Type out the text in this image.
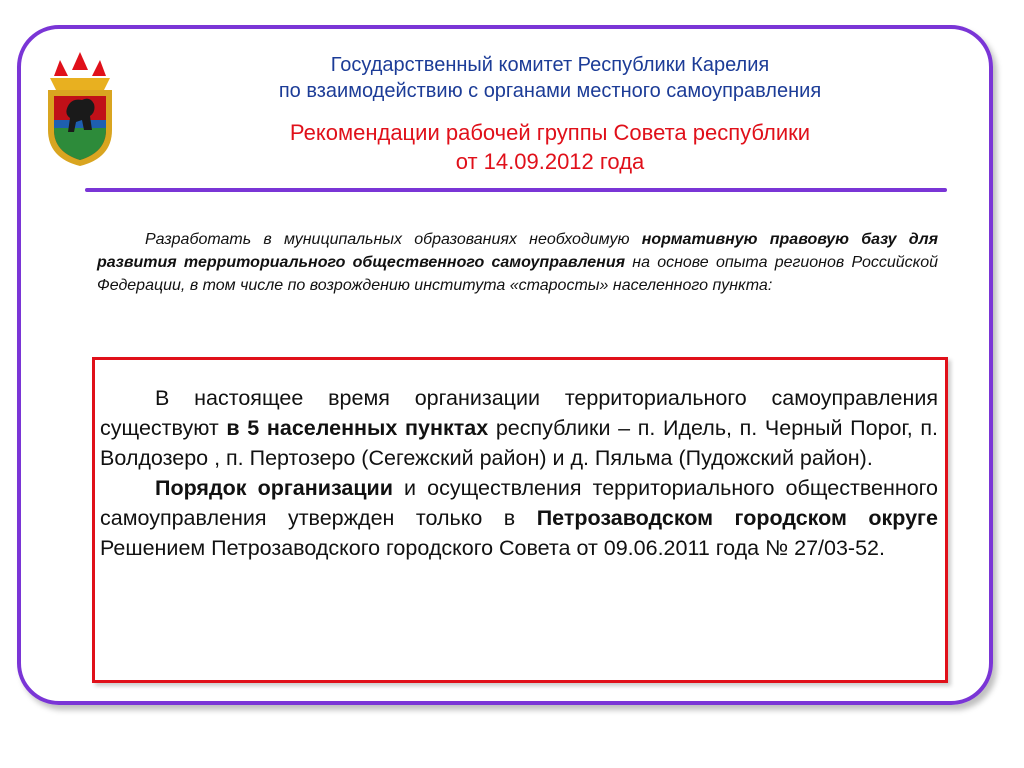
Государственный комитет Республики Карелия
по взаимодействию с органами местного самоуправления
Рекомендации рабочей группы Совета республики
от 14.09.2012 года

Разработать в муниципальных образованиях необходимую нормативную правовую базу для развития территориального общественного самоуправления на основе опыта регионов Российской Федерации, в том числе по возрождению института «старосты» населенного пункта:

В настоящее время организации территориального самоуправления существуют в 5 населенных пунктах республики – п. Идель, п. Черный Порог, п. Волдозеро , п. Пертозеро (Сегежский район) и д. Пяльма (Пудожский район).

Порядок организации и осуществления территориального общественного самоуправления утвержден только в Петрозаводском городском округе Решением Петрозаводского городского Совета от 09.06.2011 года № 27/03-52.
